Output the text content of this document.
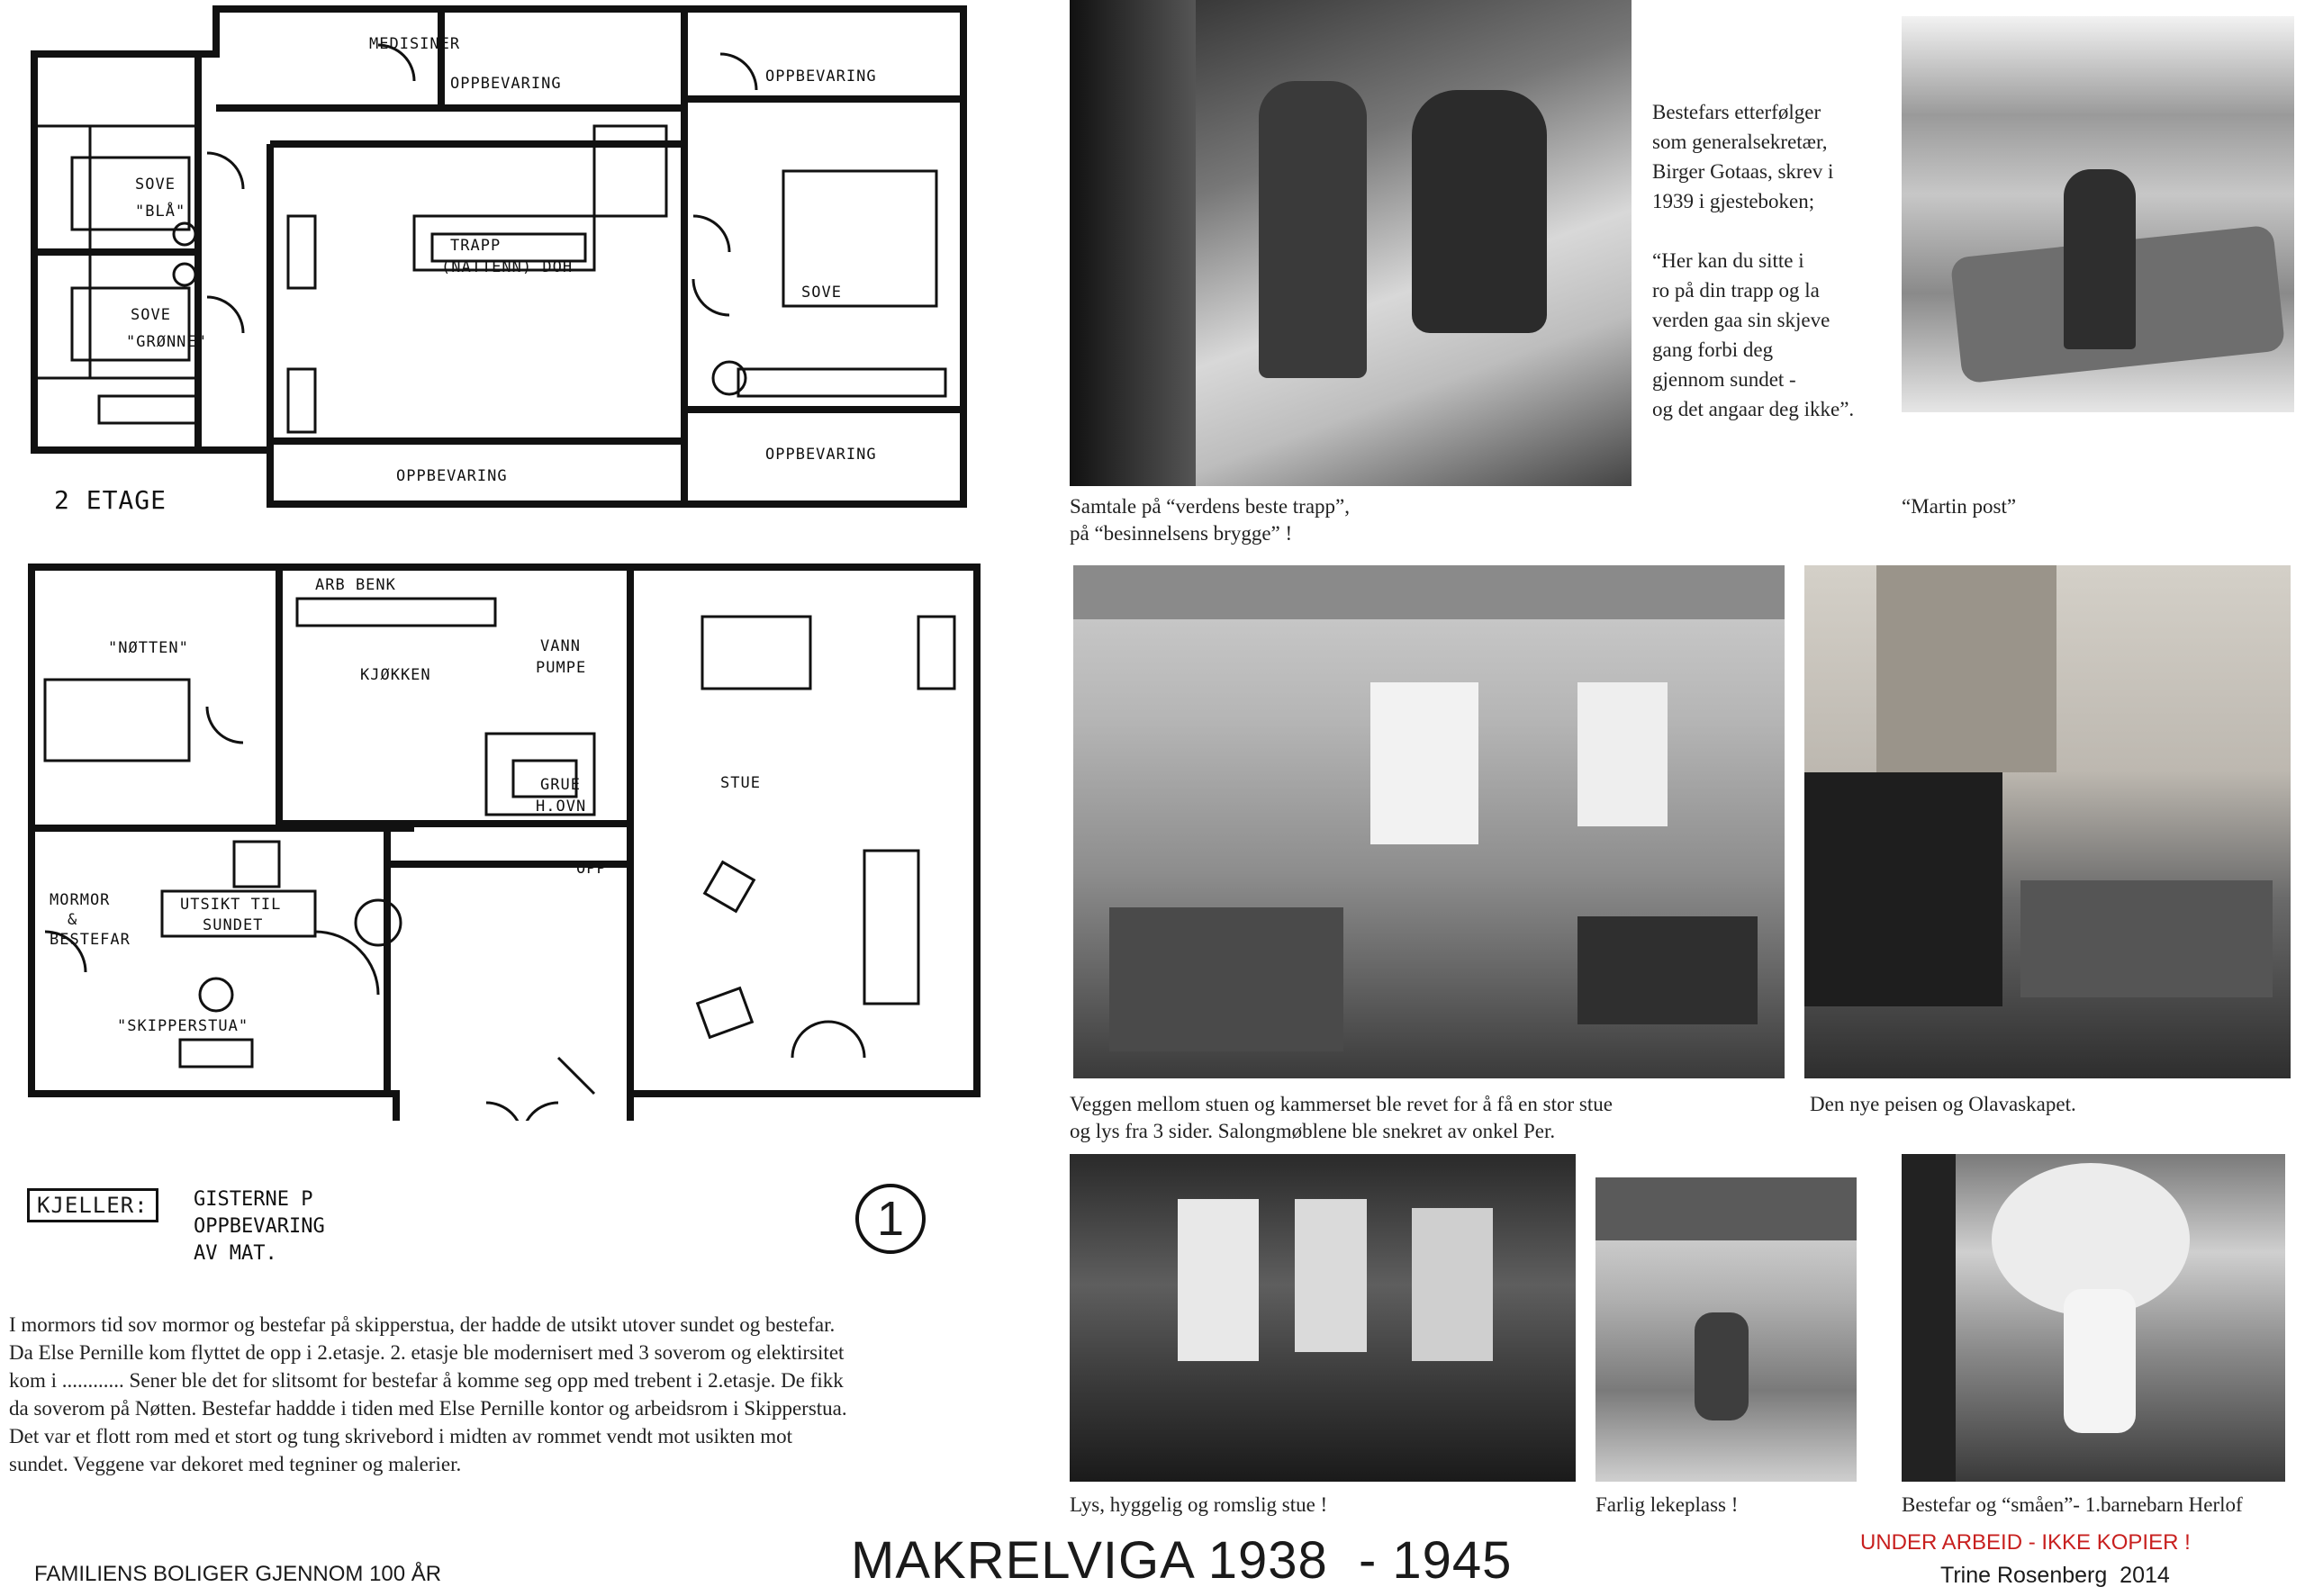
MEDISINER
OPPBEVARING	OPPBEVARING
SOVE
"BLÅ"
SOVE
"GRØNNE"
TRAPP
(NATTENN) DOH
SOVE
OPPBEVARING
OPPBEVARING
2 ETAGE
"NØTTEN"
ARB BENK
KJØKKEN
VANN
PUMPE
GRUE
H.OVN
STUE
OPP
MORMOR
&
BESTEFAR
UTSIKT TIL
SUNDET
"SKIPPERSTUA"
KJELLER:	GISTERNE P
OPPBEVARING
AV MAT.
1
I mormors tid sov mormor og bestefar på skipperstua, der hadde de utsikt utover sundet og bestefar.
Da Else Pernille kom flyttet de opp i 2.etasje. 2. etasje ble modernisert med 3 soverom og elektirsitet
kom i ............ Sener ble det for slitsomt for bestefar å komme seg opp med trebent i 2.etasje. De fikk
da soverom på Nøtten. Bestefar haddde i tiden med Else Pernille kontor og arbeidsrom i Skipperstua.
Det var et flott rom med et stort og tung skrivebord i midten av rommet vendt mot usikten mot
sundet. Veggene var dekoret med tegniner og malerier.
Samtale på “verdens beste trapp”,
på “besinnelsens brygge” !
Bestefars etterfølger
som generalsekretær,
Birger Gotaas, skrev i
1939 i gjesteboken;

“Her kan du sitte i
ro på din trapp og la
verden gaa sin skjeve
gang forbi deg
gjennom sundet -
og det angaar deg ikke”.
“Martin post”
Veggen mellom stuen og kammerset ble revet for å få en stor stue
og lys fra 3 sider. Salongmøblene ble snekret av onkel Per.
Den nye peisen og Olavaskapet.
Lys, hyggelig og romslig stue !	Farlig lekeplass !	Bestefar og “småen”- 1.barnebarn Herlof
FAMILIENS BOLIGER GJENNOM 100 ÅR	MAKRELVIGA 1938  - 1945	UNDER ARBEID - IKKE KOPIER !
Trine Rosenberg  2014
